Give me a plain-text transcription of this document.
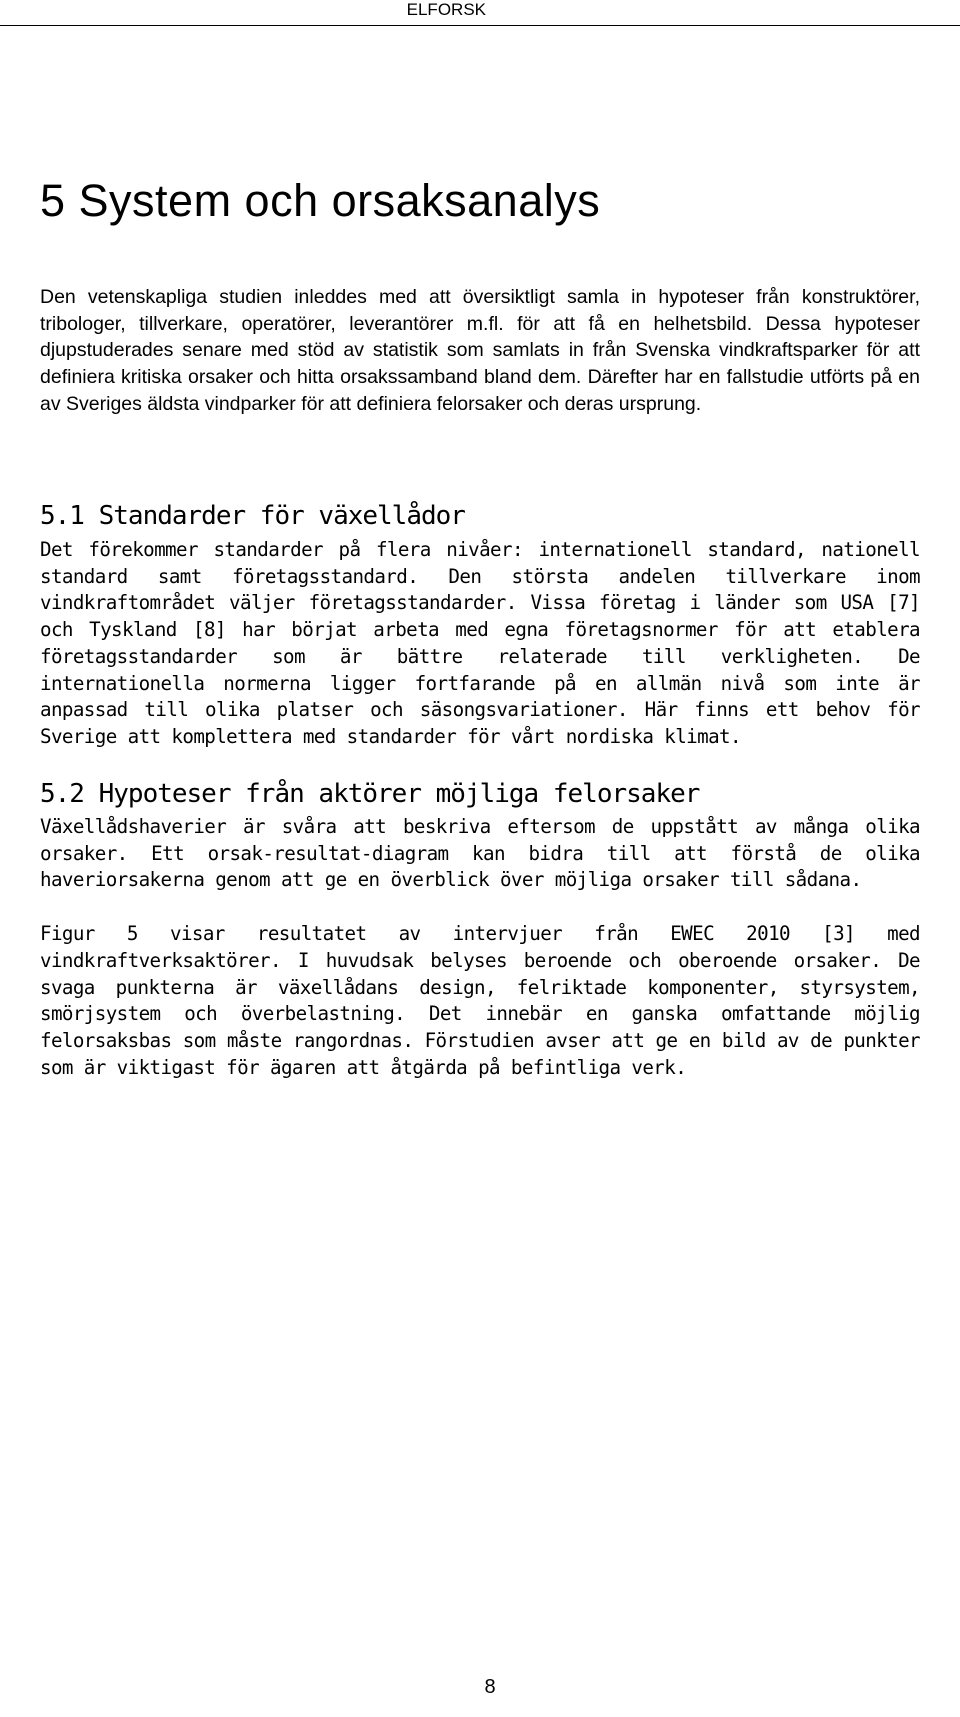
ELFORSK
5 System och orsaksanalys

Den vetenskapliga studien inleddes med att översiktligt samla in hypoteser från konstruktörer, tribologer, tillverkare, operatörer, leverantörer m.fl. för att få en helhetsbild. Dessa hypoteser djupstuderades senare med stöd av statistik som samlats in från Svenska vindkraftsparker för att definiera kritiska orsaker och hitta orsakssamband bland dem. Därefter har en fallstudie utförts på en av Sveriges äldsta vindparker för att definiera felorsaker och deras ursprung.

5.1 Standarder för växellådor

Det förekommer standarder på flera nivåer: internationell standard, nationell standard samt företagsstandard. Den största andelen tillverkare inom vindkraftområdet väljer företagsstandarder. Vissa företag i länder som USA [7] och Tyskland [8] har börjat arbeta med egna företagsnormer för att etablera företagsstandarder som är bättre relaterade till verkligheten. De internationella normerna ligger fortfarande på en allmän nivå som inte är anpassad till olika platser och säsongsvariationer. Här finns ett behov för Sverige att komplettera med standarder för vårt nordiska klimat.

5.2 Hypoteser från aktörer möjliga felorsaker

Växellådshaverier är svåra att beskriva eftersom de uppstått av många olika orsaker. Ett orsak-resultat-diagram kan bidra till att förstå de olika haveriorsakerna genom att ge en överblick över möjliga orsaker till sådana.

Figur 5 visar resultatet av intervjuer från EWEC 2010 [3] med vindkraftverksaktörer. I huvudsak belyses beroende och oberoende orsaker. De svaga punkterna är växellådans design, felriktade komponenter, styrsystem, smörjsystem och överbelastning. Det innebär en ganska omfattande möjlig felorsaksbas som måste rangordnas. Förstudien avser att ge en bild av de punkter som är viktigast för ägaren att åtgärda på befintliga verk.

8
